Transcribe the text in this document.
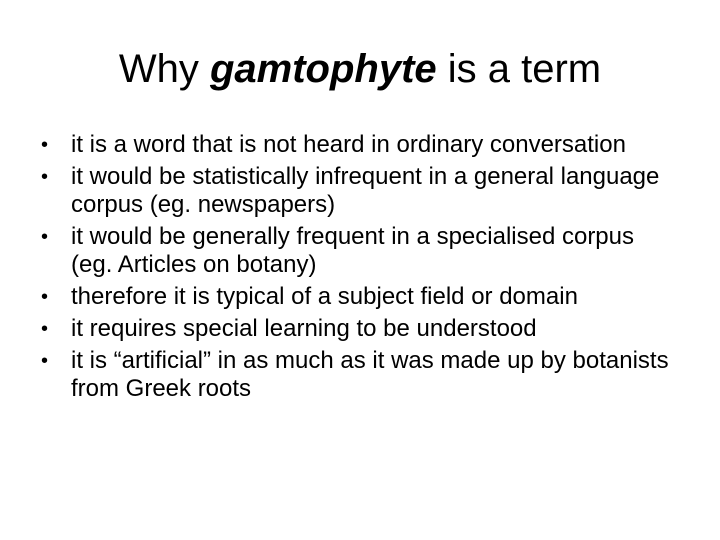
Why gamtophyte is a term
• it is a word that is not heard in ordinary conversation
• it would be statistically infrequent in a general language corpus (eg. newspapers)
• it would be generally frequent in a specialised corpus (eg. Articles on botany)
• therefore it is typical of a subject field or domain
• it requires special learning to be understood
• it is “artificial” in as much as it was made up by botanists from Greek roots
